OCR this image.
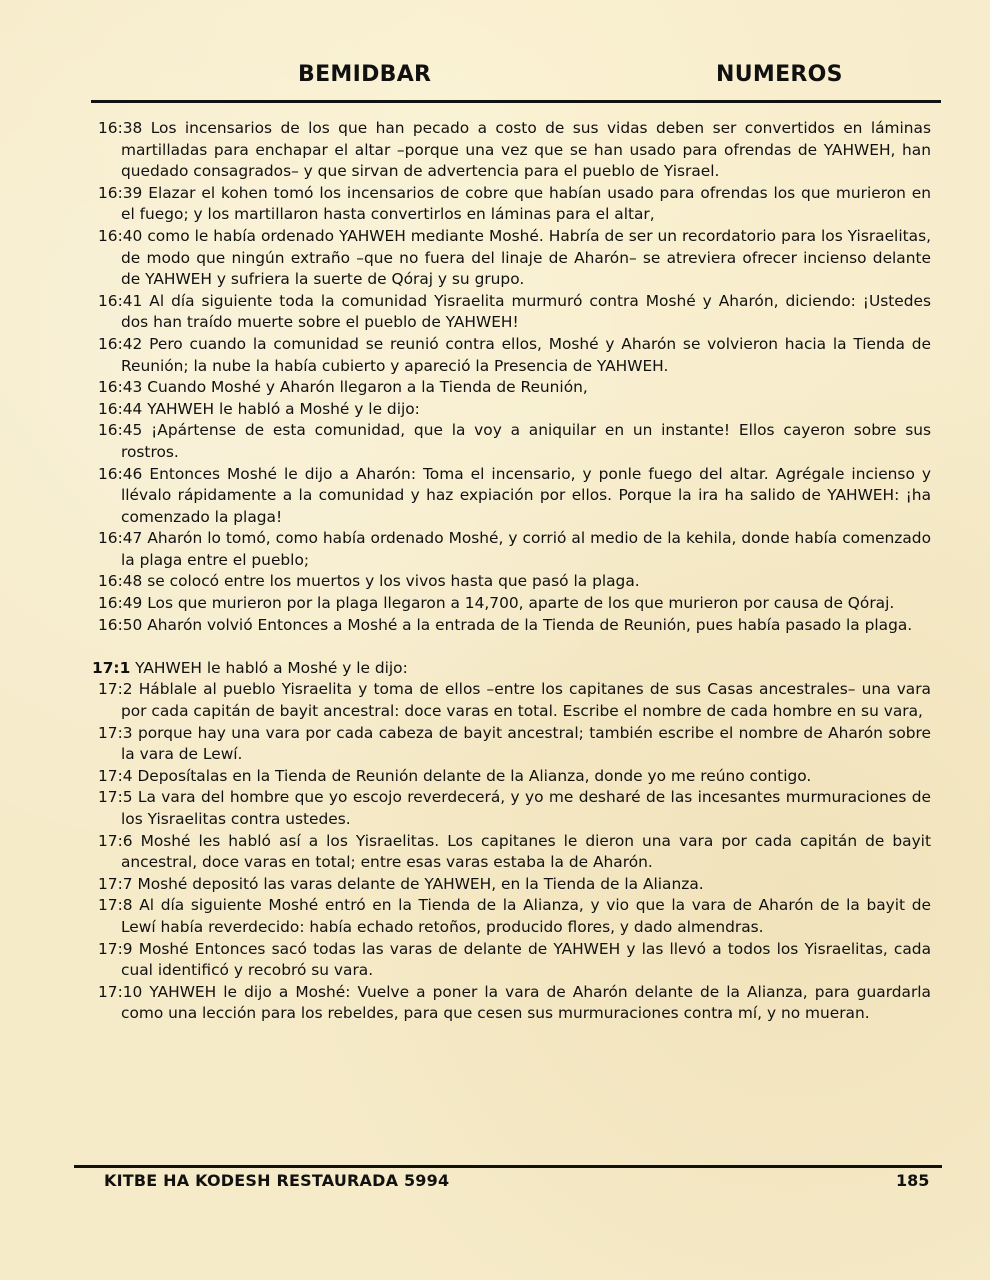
BEMIDBAR	NUMEROS

16:38 Los incensarios de los que han pecado a costo de sus vidas deben ser convertidos en láminas martilladas para enchapar el altar –porque una vez que se han usado para ofrendas de YAHWEH, han quedado consagrados– y que sirvan de advertencia para el pueblo de Yisrael.

16:39 Elazar el kohen tomó los incensarios de cobre que habían usado para ofrendas los que murieron en el fuego; y los martillaron hasta convertirlos en láminas para el altar,

16:40 como le había ordenado YAHWEH mediante Moshé. Habría de ser un recordatorio para los Yisraelitas, de modo que ningún extraño –que no fuera del linaje de Aharón– se atreviera ofrecer incienso delante de YAHWEH y sufriera la suerte de Qóraj y su grupo.

16:41 Al día siguiente toda la comunidad Yisraelita murmuró contra Moshé y Aharón, diciendo: ¡Ustedes dos han traído muerte sobre el pueblo de YAHWEH!

16:42 Pero cuando la comunidad se reunió contra ellos, Moshé y Aharón se volvieron hacia la Tienda de Reunión; la nube la había cubierto y apareció la Presencia de YAHWEH.

16:43 Cuando Moshé y Aharón llegaron a la Tienda de Reunión,

16:44 YAHWEH le habló a Moshé y le dijo:

16:45 ¡Apártense de esta comunidad, que la voy a aniquilar en un instante! Ellos cayeron sobre sus rostros.

16:46 Entonces Moshé le dijo a Aharón: Toma el incensario, y ponle fuego del altar. Agrégale incienso y llévalo rápidamente a la comunidad y haz expiación por ellos. Porque la ira ha salido de YAHWEH: ¡ha comenzado la plaga!

16:47 Aharón lo tomó, como había ordenado Moshé, y corrió al medio de la kehila, donde había comenzado la plaga entre el pueblo;

16:48 se colocó entre los muertos y los vivos hasta que pasó la plaga.

16:49 Los que murieron por la plaga llegaron a 14,700, aparte de los que murieron por causa de Qóraj.

16:50 Aharón volvió Entonces a Moshé a la entrada de la Tienda de Reunión, pues había pasado la plaga.

17:1 YAHWEH le habló a Moshé y le dijo:

17:2 Háblale al pueblo Yisraelita y toma de ellos –entre los capitanes de sus Casas ancestrales– una vara por cada capitán de bayit ancestral: doce varas en total. Escribe el nombre de cada hombre en su vara,

17:3 porque hay una vara por cada cabeza de bayit ancestral; también escribe el nombre de Aharón sobre la vara de Lewí.

17:4 Deposítalas en la Tienda de Reunión delante de la Alianza, donde yo me reúno contigo.

17:5 La vara del hombre que yo escojo reverdecerá, y yo me desharé de las incesantes murmuraciones de los Yisraelitas contra ustedes.

17:6 Moshé les habló así a los Yisraelitas. Los capitanes le dieron una vara por cada capitán de bayit ancestral, doce varas en total; entre esas varas estaba la de Aharón.

17:7 Moshé depositó las varas delante de YAHWEH, en la Tienda de la Alianza.

17:8 Al día siguiente Moshé entró en la Tienda de la Alianza, y vio que la vara de Aharón de la bayit de Lewí había reverdecido: había echado retoños, producido flores, y dado almendras.

17:9 Moshé Entonces sacó todas las varas de delante de YAHWEH y las llevó a todos los Yisraelitas, cada cual identificó y recobró su vara.

17:10 YAHWEH le dijo a Moshé: Vuelve a poner la vara de Aharón delante de la Alianza, para guardarla como una lección para los rebeldes, para que cesen sus murmuraciones contra mí, y no mueran.

KITBE HA KODESH RESTAURADA 5994	185
